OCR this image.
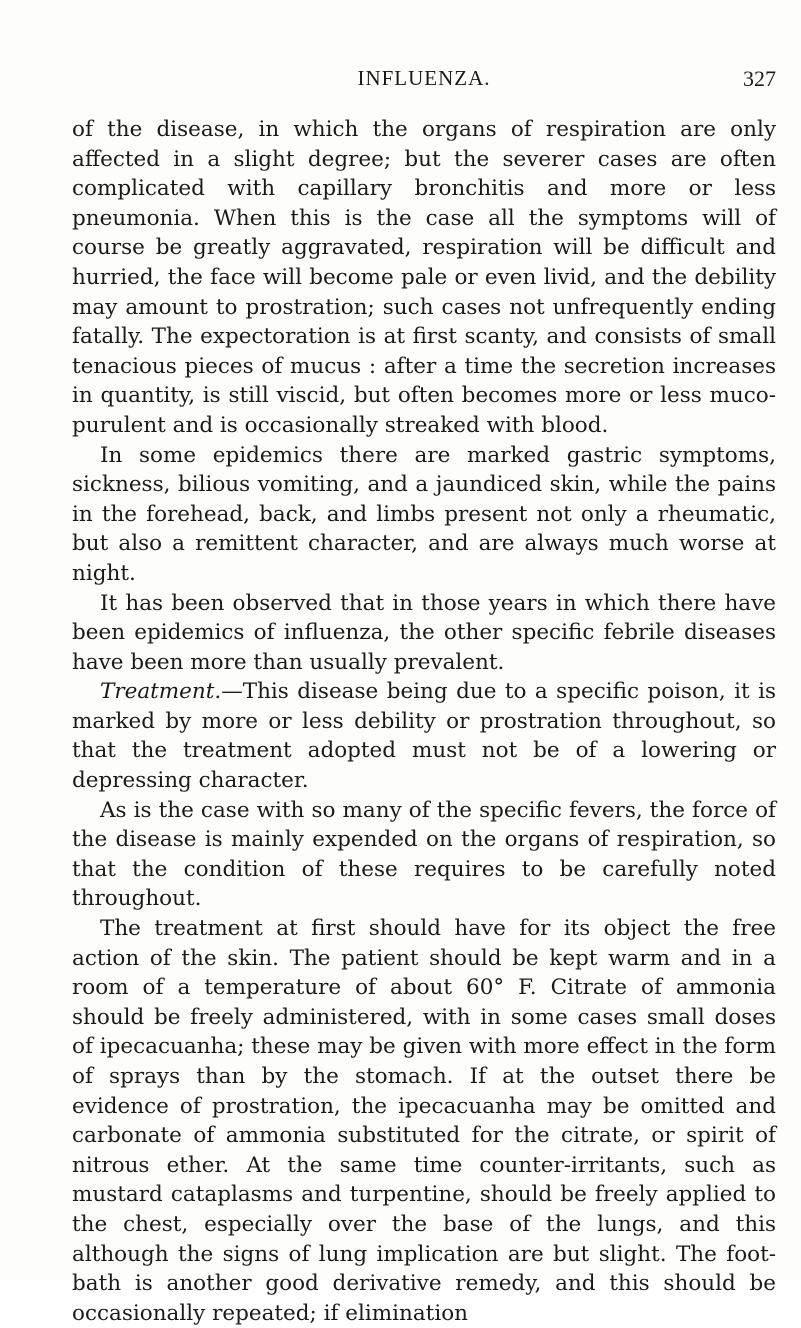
INFLUENZA.	327

of the disease, in which the organs of respiration are only affected in a slight degree; but the severer cases are often complicated with capillary bronchitis and more or less pneumonia. When this is the case all the symptoms will of course be greatly aggravated, respiration will be difficult and hurried, the face will become pale or even livid, and the debility may amount to prostration; such cases not unfrequently ending fatally. The expectoration is at first scanty, and consists of small tenacious pieces of mucus : after a time the secretion increases in quantity, is still viscid, but often becomes more or less muco-purulent and is occasionally streaked with blood.

In some epidemics there are marked gastric symptoms, sickness, bilious vomiting, and a jaundiced skin, while the pains in the forehead, back, and limbs present not only a rheumatic, but also a remittent character, and are always much worse at night.

It has been observed that in those years in which there have been epidemics of influenza, the other specific febrile diseases have been more than usually prevalent.

Treatment.—This disease being due to a specific poison, it is marked by more or less debility or prostration throughout, so that the treatment adopted must not be of a lowering or depressing character.

As is the case with so many of the specific fevers, the force of the disease is mainly expended on the organs of respiration, so that the condition of these requires to be carefully noted throughout.

The treatment at first should have for its object the free action of the skin. The patient should be kept warm and in a room of a temperature of about 60° F. Citrate of ammonia should be freely administered, with in some cases small doses of ipecacuanha; these may be given with more effect in the form of sprays than by the stomach. If at the outset there be evidence of prostration, the ipecacuanha may be omitted and carbonate of ammonia substituted for the citrate, or spirit of nitrous ether. At the same time counter-irritants, such as mustard cataplasms and turpentine, should be freely applied to the chest, especially over the base of the lungs, and this although the signs of lung implication are but slight. The foot-bath is another good derivative remedy, and this should be occasionally repeated; if elimination
